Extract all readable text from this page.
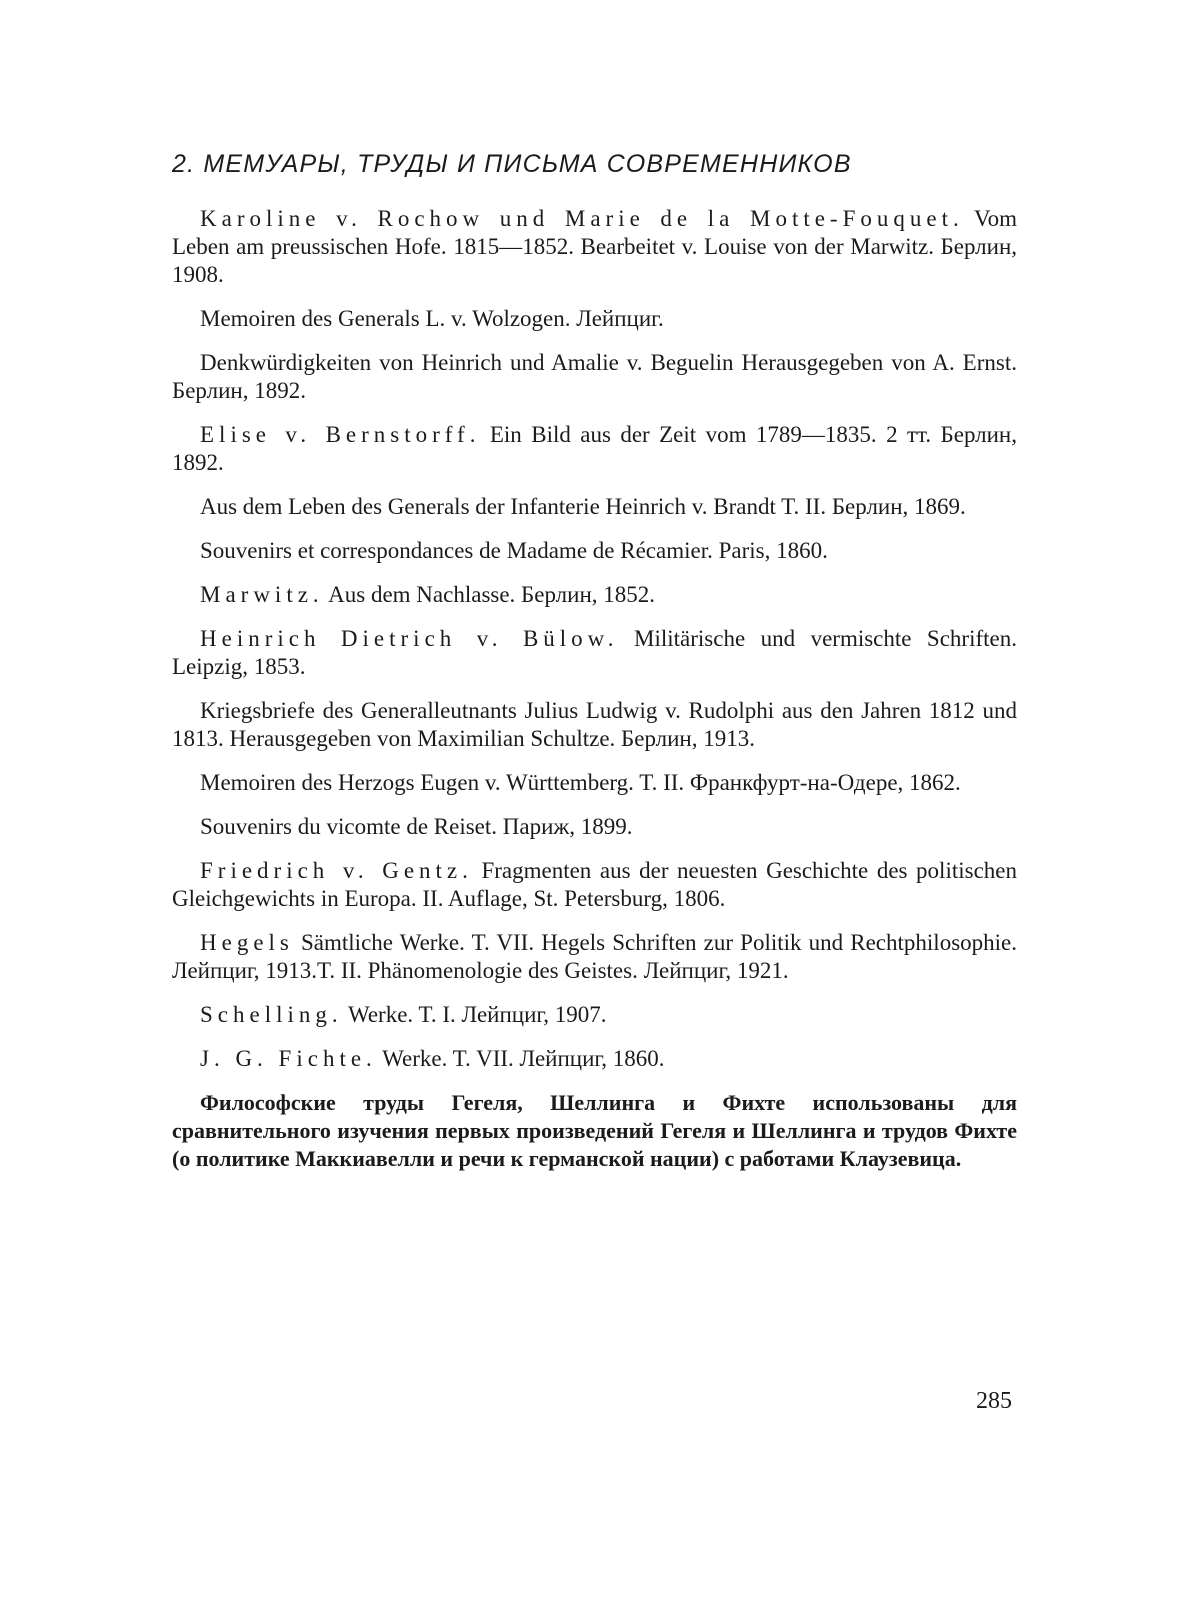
2. МЕМУАРЫ, ТРУДЫ И ПИСЬМА СОВРЕМЕННИКОВ

Karoline v. Rochow und Marie de la Motte-Fouquet. Vom Leben am preussischen Hofe. 1815—1852. Bearbeitet v. Louise von der Marwitz. Берлин, 1908.

Memoiren des Generals L. v. Wolzogen. Лейпциг.

Denkwürdigkeiten von Heinrich und Amalie v. Beguelin Herausgegeben von A. Ernst. Берлин, 1892.

Elise v. Bernstorff. Ein Bild aus der Zeit vom 1789—1835. 2 тт. Берлин, 1892.

Aus dem Leben des Generals der Infanterie Heinrich v. Brandt T. II. Берлин, 1869.

Souvenirs et correspondances de Madame de Récamier. Paris, 1860.

Marwitz. Aus dem Nachlasse. Берлин, 1852.

Heinrich Dietrich v. Bülow. Militärische und vermischte Schriften. Leipzig, 1853.

Kriegsbriefe des Generalleutnants Julius Ludwig v. Rudolphi aus den Jahren 1812 und 1813. Herausgegeben von Maximilian Schultze. Берлин, 1913.

Memoiren des Herzogs Eugen v. Württemberg. T. II. Франкфурт-на-Одере, 1862.

Souvenirs du vicomte de Reiset. Париж, 1899.

Friedrich v. Gentz. Fragmenten aus der neuesten Geschichte des politischen Gleichgewichts in Europa. II. Auflage, St. Petersburg, 1806.

Hegels Sämtliche Werke. T. VII. Hegels Schriften zur Politik und Rechtphilosophie. Лейпциг, 1913.T. II. Phänomenologie des Geistes. Лейпциг, 1921.

Schelling. Werke. T. I. Лейпциг, 1907.

J. G. Fichte. Werke. T. VII. Лейпциг, 1860.

Философские труды Гегеля, Шеллинга и Фихте использованы для сравнительного изучения первых произведений Гегеля и Шеллинга и трудов Фихте (о политике Маккиавелли и речи к германской нации) с работами Клаузевица.

285
